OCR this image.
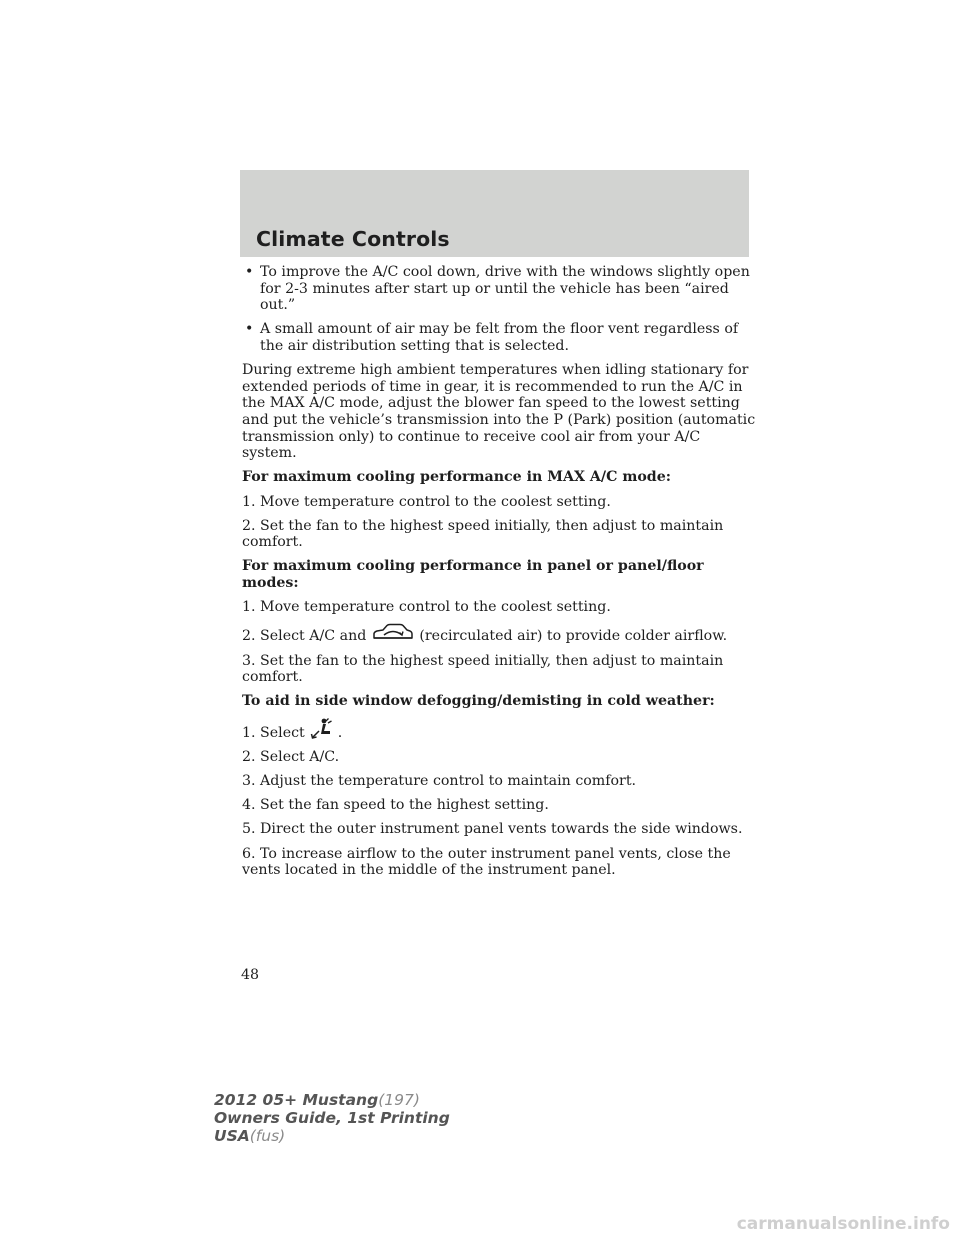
Climate Controls
• To improve the A/C cool down, drive with the windows slightly open for 2-3 minutes after start up or until the vehicle has been “aired out.”
• A small amount of air may be felt from the floor vent regardless of the air distribution setting that is selected.

During extreme high ambient temperatures when idling stationary for extended periods of time in gear, it is recommended to run the A/C in the MAX A/C mode, adjust the blower fan speed to the lowest setting and put the vehicle’s transmission into the P (Park) position (automatic transmission only) to continue to receive cool air from your A/C system.

For maximum cooling performance in MAX A/C mode:

1. Move temperature control to the coolest setting.

2. Set the fan to the highest speed initially, then adjust to maintain comfort.

For maximum cooling performance in panel or panel/floor modes:

1. Move temperature control to the coolest setting.

2. Select A/C and	(recirculated air) to provide colder airflow.

3. Set the fan to the highest speed initially, then adjust to maintain comfort.

To aid in side window defogging/demisting in cold weather:

1. Select .

2. Select A/C.

3. Adjust the temperature control to maintain comfort.

4. Set the fan speed to the highest setting.

5. Direct the outer instrument panel vents towards the side windows.

6. To increase airflow to the outer instrument panel vents, close the vents located in the middle of the instrument panel.

48
2012 05+ Mustang(197)
Owners Guide, 1st Printing
USA(fus)
carmanualsonline.info
